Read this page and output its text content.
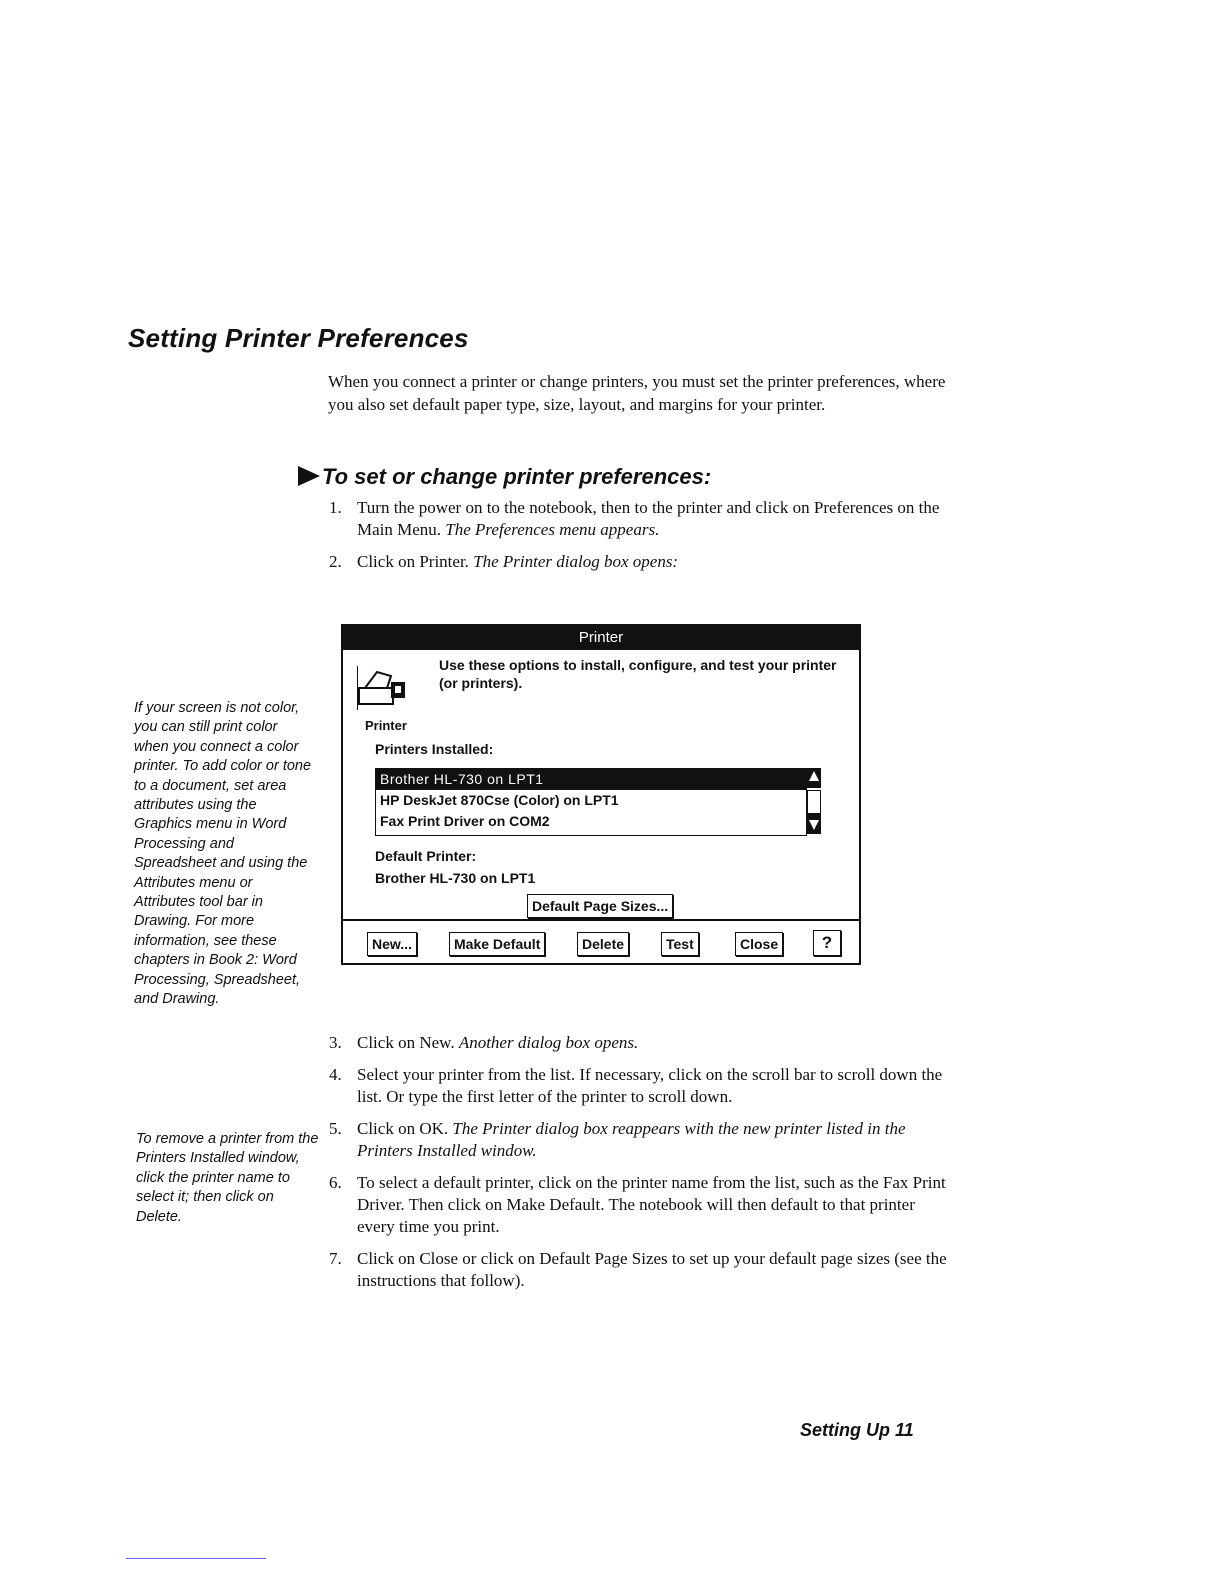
Setting Printer Preferences
When you connect a printer or change printers, you must set the printer preferences, where you also set default paper type, size, layout, and margins for your printer.
To set or change printer preferences:
1. Turn the power on to the notebook, then to the printer and click on Preferences on the Main Menu. The Preferences menu appears.
2. Click on Printer. The Printer dialog box opens:
If your screen is not color, you can still print color when you connect a color printer. To add color or tone to a document, set area attributes using the Graphics menu in Word Processing and Spreadsheet and using the Attributes menu or Attributes tool bar in Drawing. For more information, see these chapters in Book 2: Word Processing, Spreadsheet, and Drawing.
Printer
Printer
Use these options to install, configure, and test your printer (or printers).
Printers Installed:
Brother HL-730 on LPT1
HP DeskJet 870Cse (Color) on LPT1
Fax Print Driver on COM2
Default Printer:
Brother HL-730 on LPT1
Default Page Sizes...
New...	Make Default	Delete	Test	Close	?
3. Click on New. Another dialog box opens.
4. Select your printer from the list. If necessary, click on the scroll bar to scroll down the list. Or type the first letter of the printer to scroll down.
5. Click on OK. The Printer dialog box reappears with the new printer listed in the Printers Installed window.
6. To select a default printer, click on the printer name from the list, such as the Fax Print Driver. Then click on Make Default. The notebook will then default to that printer every time you print.
7. Click on Close or click on Default Page Sizes to set up your default page sizes (see the instructions that follow).
To remove a printer from the Printers Installed window, click the printer name to select it; then click on Delete.
Setting Up 11
